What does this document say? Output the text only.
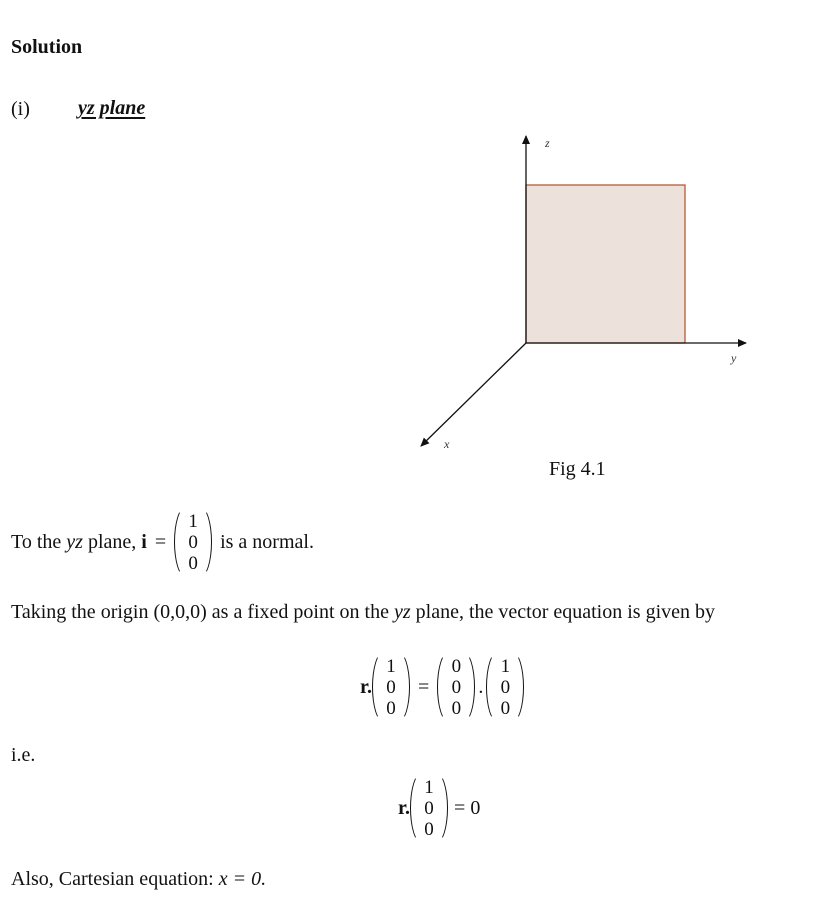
Solution
(i) yz plane
z
y
x
Fig 4.1
To the yz plane, i =
1
0
0
is a normal.
Taking the origin (0,0,0) as a fixed point on the yz plane, the vector equation is given by
r.
1
0
0
=
0
0
0
.
1
0
0
i.e.
r.
1
0
0
= 0
Also, Cartesian equation: x = 0.
